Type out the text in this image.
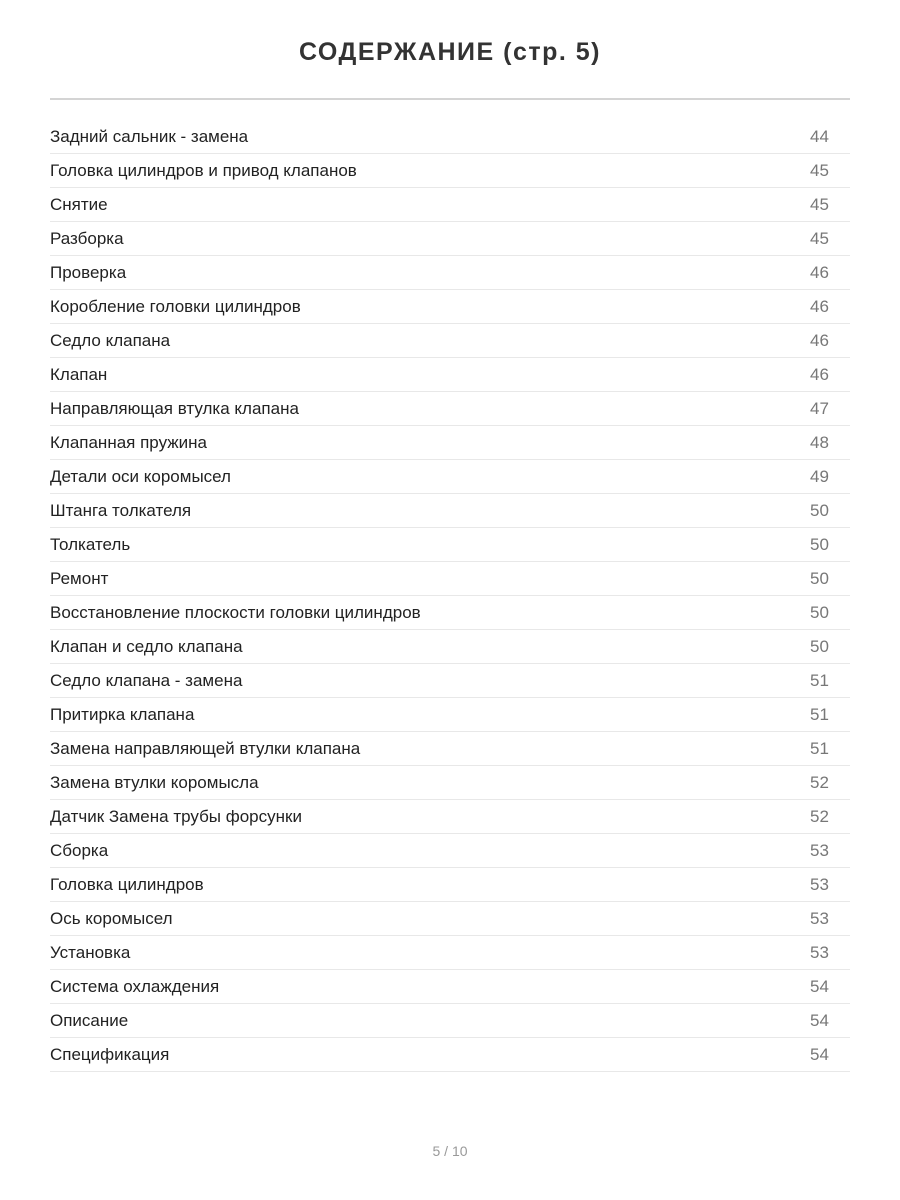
СОДЕРЖАНИЕ (стр. 5)
Задний сальник - замена	44
Головка цилиндров и привод клапанов	45
Снятие	45
Разборка	45
Проверка	46
Коробление головки цилиндров	46
Седло клапана	46
Клапан	46
Направляющая втулка клапана	47
Клапанная пружина	48
Детали оси коромысел	49
Штанга толкателя	50
Толкатель	50
Ремонт	50
Восстановление плоскости головки цилиндров	50
Клапан и седло клапана	50
Седло клапана - замена	51
Притирка клапана	51
Замена направляющей втулки клапана	51
Замена втулки коромысла	52
Датчик Замена трубы форсунки	52
Сборка	53
Головка цилиндров	53
Ось коромысел	53
Установка	53
Система охлаждения	54
Описание	54
Спецификация	54
5 / 10
